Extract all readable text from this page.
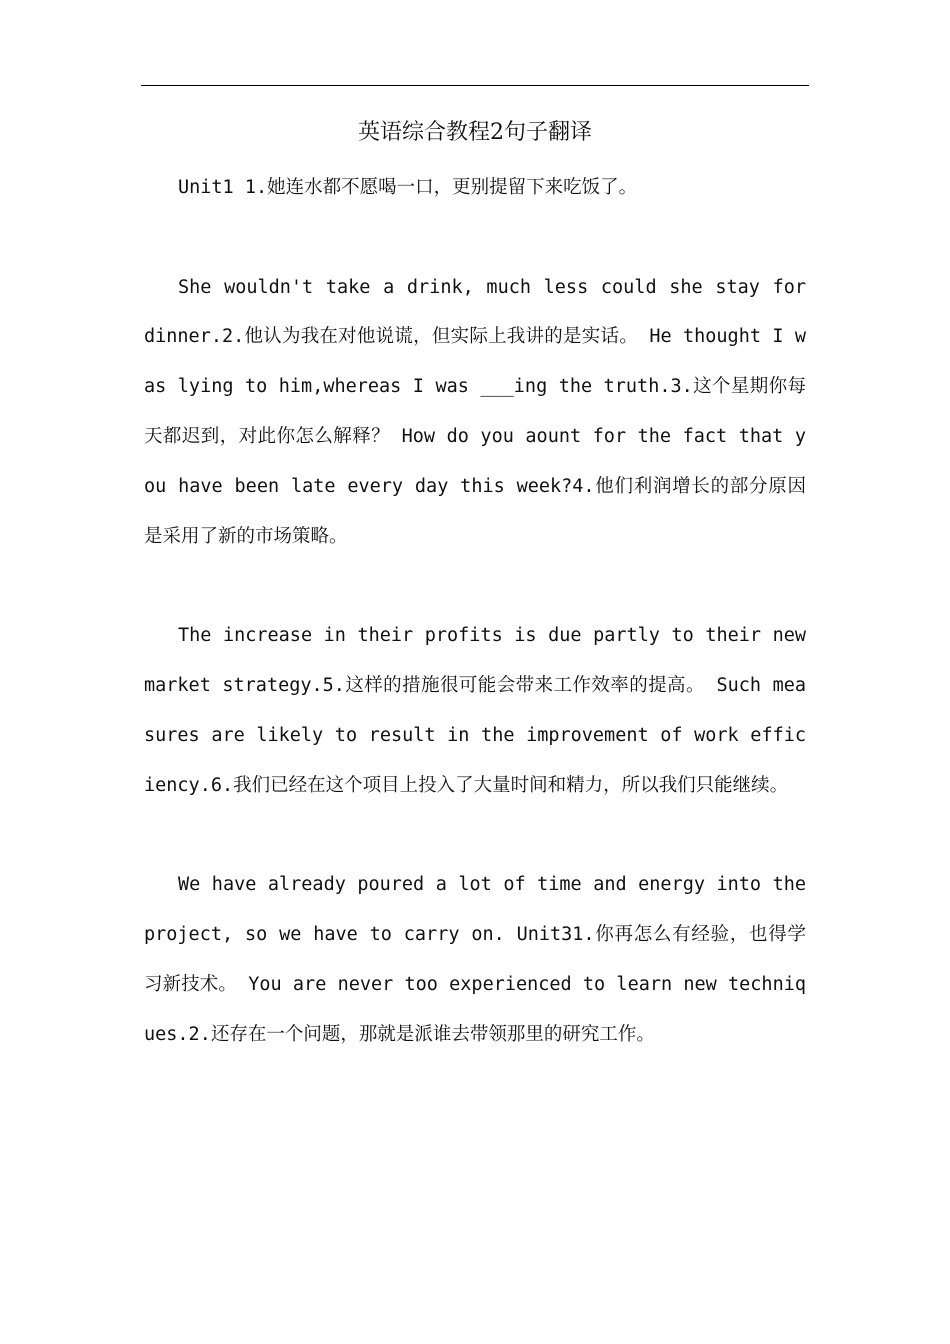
英语综合教程2句子翻译

Unit1 1.她连水都不愿喝一口，更别提留下来吃饭了。

She wouldn't take a drink, much less could she stay for dinner.2.他认为我在对他说谎，但实际上我讲的是实话。 He thought I was lying to him,whereas I was ___ing the truth.3.这个星期你每天都迟到，对此你怎么解释？ How do you aount for the fact that you have been late every day this week?4.他们利润增长的部分原因是采用了新的市场策略。

The increase in their profits is due partly to their new market strategy.5.这样的措施很可能会带来工作效率的提高。 Such measures are likely to result in the improvement of work efficiency.6.我们已经在这个项目上投入了大量时间和精力，所以我们只能继续。

We have already poured a lot of time and energy into the project, so we have to carry on. Unit31.你再怎么有经验，也得学习新技术。 You are never too experienced to learn new techniques.2.还存在一个问题，那就是派谁去带领那里的研究工作。
